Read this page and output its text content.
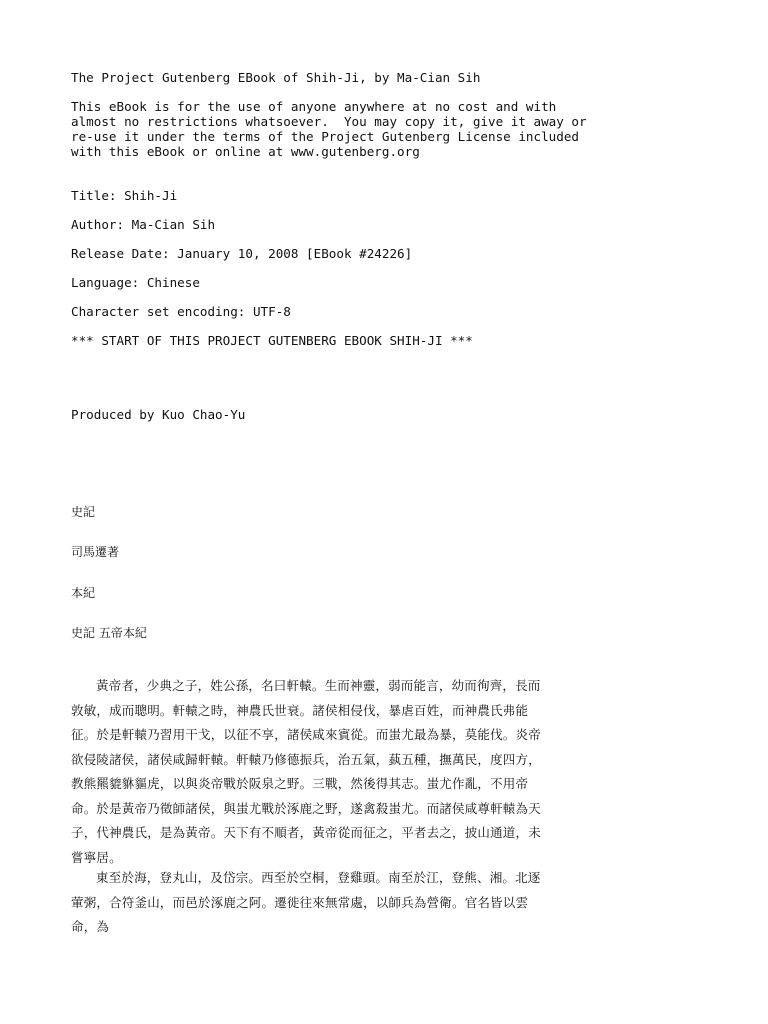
The Project Gutenberg EBook of Shih-Ji, by Ma-Cian Sih

This eBook is for the use of anyone anywhere at no cost and with

almost no restrictions whatsoever.  You may copy it, give it away or

re-use it under the terms of the Project Gutenberg License included

with this eBook or online at www.gutenberg.org

Title: Shih-Ji

Author: Ma-Cian Sih

Release Date: January 10, 2008 [EBook #24226]

Language: Chinese

Character set encoding: UTF-8

*** START OF THIS PROJECT GUTENBERG EBOOK SHIH-JI ***

Produced by Kuo Chao-Yu

史記

司馬遷著

本紀

史記 五帝本紀

黃帝者，少典之子，姓公孫，名曰軒轅。生而神靈，弱而能言，幼而徇齊，長而敦敏，成而聰明。軒轅之時，神農氏世衰。諸侯相侵伐，暴虐百姓，而神農氏弗能征。於是軒轅乃習用干戈，以征不享，諸侯咸來賓從。而蚩尤最為暴，莫能伐。炎帝欲侵陵諸侯，諸侯咸歸軒轅。軒轅乃修德振兵，治五氣，蓺五種，撫萬民，度四方，教熊羆貔貅貙虎，以與炎帝戰於阪泉之野。三戰，然後得其志。蚩尤作亂，不用帝命。於是黃帝乃徵師諸侯，與蚩尤戰於涿鹿之野，遂禽殺蚩尤。而諸侯咸尊軒轅為天子，代神農氏，是為黃帝。天下有不順者，黃帝從而征之，平者去之，披山通道，未嘗寧居。

東至於海，登丸山，及岱宗。西至於空桐，登雞頭。南至於江，登熊、湘。北逐葷粥，合符釜山，而邑於涿鹿之阿。遷徙往來無常處，以師兵為營衛。官名皆以雲命，為
